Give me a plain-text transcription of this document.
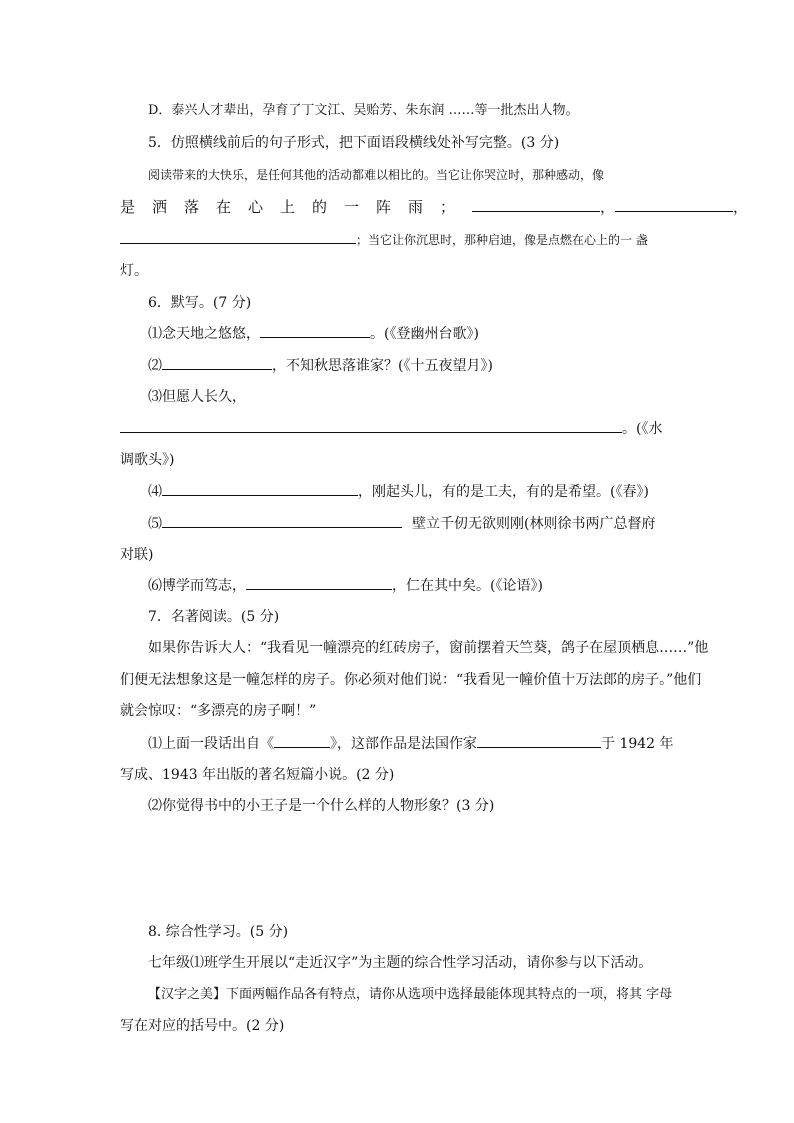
D．泰兴人才辈出，孕育了丁文江、吴贻芳、朱东润 ……等一批杰出人物。
5．仿照横线前后的句子形式，把下面语段横线处补写完整。(3 分)
阅读带来的大快乐，是任何其他的活动都难以相比的。当它让你哭泣时，那种感动，像
是洒落在心上的一阵雨；	，	，
；当它让你沉思时，那种启迪，像是点燃在心上的一 盏
灯。
6．默写。(7 分)
⑴念天地之悠悠，	。(《登幽州台歌》)
⑵	，不知秋思落谁家？(《十五夜望月》)
⑶但愿人长久，
。(《水
调歌头》)
⑷	，刚起头儿，有的是工夫，有的是希望。(《春》)
⑸	壁立千仞无欲则刚(林则徐书两广总督府
对联)
⑹博学而笃志，	，仁在其中矣。(《论语》)
7．名著阅读。(5 分)
如果你告诉大人：“我看见一幢漂亮的红砖房子，窗前摆着天竺葵，鸽子在屋顶栖息……”他
们便无法想象这是一幢怎样的房子。你必须对他们说：“我看见一幢价值十万法郎的房子。”他们
就会惊叹：“多漂亮的房子啊！”
⑴上面一段话出自《	》，这部作品是法国作家	于 1942 年
写成、1943 年出版的著名短篇小说。(2 分)
⑵你觉得书中的小王子是一个什么样的人物形象？(3 分)
8. 综合性学习。(5 分)
七年级⑴班学生开展以“走近汉字”为主题的综合性学习活动，请你参与以下活动。
【汉字之美】下面两幅作品各有特点，请你从选项中选择最能体现其特点的一项，将其 字母
写在对应的括号中。(2 分)
